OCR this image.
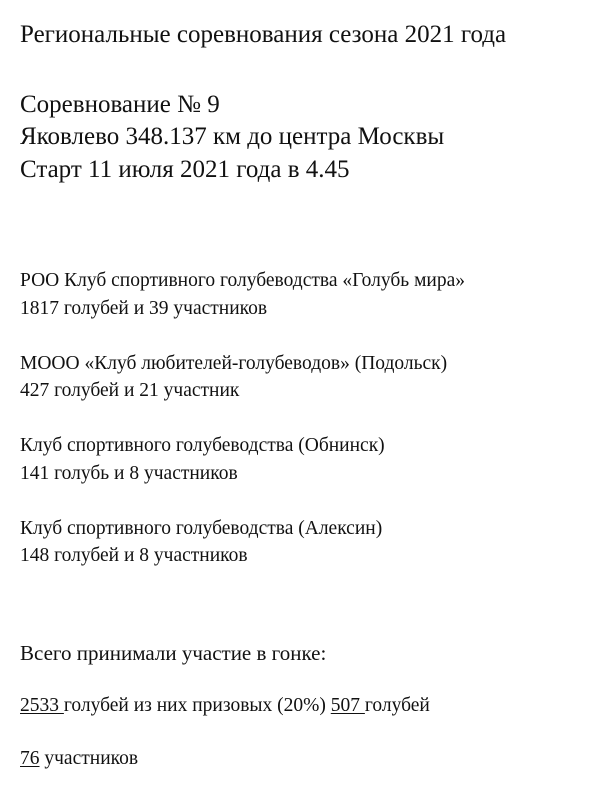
Региональные соревнования сезона 2021 года
Соревнование № 9
Яковлево 348.137 км до центра Москвы
Старт 11 июля 2021 года в 4.45
РОО Клуб спортивного голубеводства «Голубь мира»
1817 голубей и 39 участников
МООО «Клуб любителей-голубеводов» (Подольск)
427 голубей и 21 участник
Клуб спортивного голубеводства (Обнинск)
141 голубь и 8 участников
Клуб спортивного голубеводства (Алексин)
148 голубей и 8 участников
Всего принимали участие в гонке:
2533 голубей из них призовых (20%) 507 голубей
76 участников
